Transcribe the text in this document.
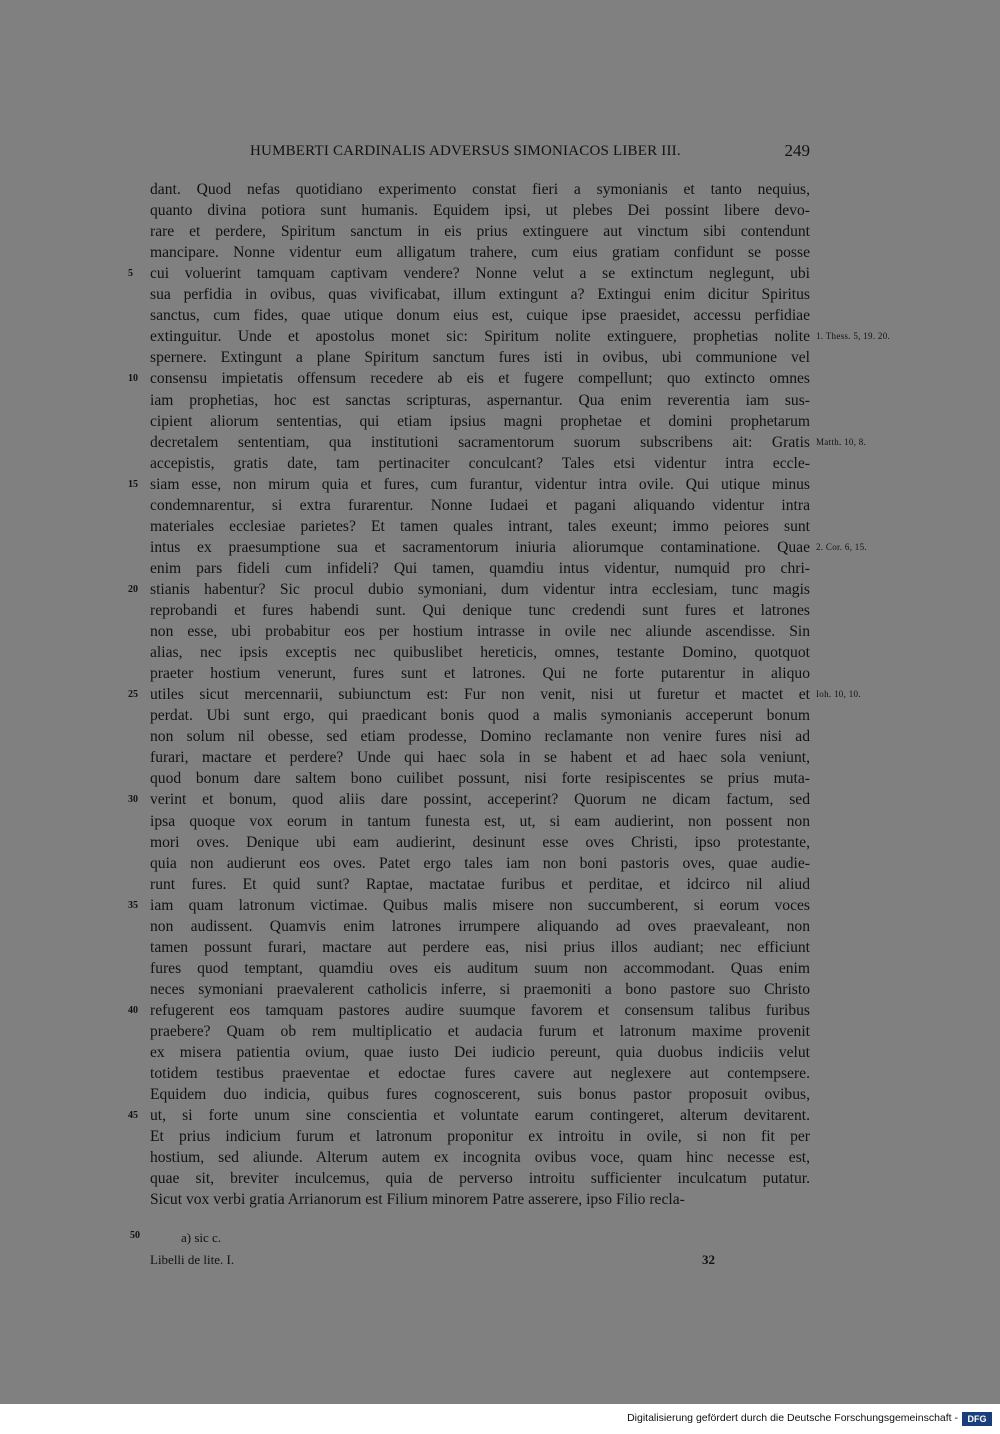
HUMBERTI CARDINALIS ADVERSUS SIMONIACOS LIBER III.	249
dant. Quod nefas quotidiano experimento constat fieri a symonianis et tanto nequius,
quanto divina potiora sunt humanis. Equidem ipsi, ut plebes Dei possint libere devo-
rare et perdere, Spiritum sanctum in eis prius extinguere aut vinctum sibi contendunt
mancipare. Nonne videntur eum alligatum trahere, cum eius gratiam confidunt se posse
cui voluerint tamquam captivam vendere? Nonne velut a se extinctum neglegunt, ubi
5
sua perfidia in ovibus, quas vivificabat, illum extingunt a? Extingui enim dicitur Spiritus
sanctus, cum fides, quae utique donum eius est, cuique ipse praesidet, accessu perfidiae
extinguitur. Unde et apostolus monet sic: Spiritum nolite extinguere, prophetias nolite 1. Thess. 5, 19. 20.
spernere. Extingunt a plane Spiritum sanctum fures isti in ovibus, ubi communione vel
consensu impietatis offensum recedere ab eis et fugere compellunt; quo extincto omnes
10
iam prophetias, hoc est sanctas scripturas, aspernantur. Qua enim reverentia iam sus-
cipient aliorum sententias, qui etiam ipsius magni prophetae et domini prophetarum
decretalem sententiam, qua institutioni sacramentorum suorum subscribens ait: Gratis Matth. 10, 8.
accepistis, gratis date, tam pertinaciter conculcant? Tales etsi videntur intra eccle-
siam esse, non mirum quia et fures, cum furantur, videntur intra ovile. Qui utique minus
15
condemnarentur, si extra furarentur. Nonne Iudaei et pagani aliquando videntur intra
materiales ecclesiae parietes? Et tamen quales intrant, tales exeunt; immo peiores sunt
intus ex praesumptione sua et sacramentorum iniuria aliorumque contaminatione. Quae 2. Cor. 6, 15.
enim pars fideli cum infideli? Qui tamen, quamdiu intus videntur, numquid pro chri-
stianis habentur? Sic procul dubio symoniani, dum videntur intra ecclesiam, tunc magis
20
reprobandi et fures habendi sunt. Qui denique tunc credendi sunt fures et latrones
non esse, ubi probabitur eos per hostium intrasse in ovile nec aliunde ascendisse. Sin
alias, nec ipsis exceptis nec quibuslibet hereticis, omnes, testante Domino, quotquot
praeter hostium venerunt, fures sunt et latrones. Qui ne forte putarentur in aliquo
utiles sicut mercennarii, subiunctum est: Fur non venit, nisi ut furetur et mactet et
25	Ioh. 10, 10.
perdat. Ubi sunt ergo, qui praedicant bonis quod a malis symonianis acceperunt bonum
non solum nil obesse, sed etiam prodesse, Domino reclamante non venire fures nisi ad
furari, mactare et perdere? Unde qui haec sola in se habent et ad haec sola veniunt,
quod bonum dare saltem bono cuilibet possunt, nisi forte resipiscentes se prius muta-
verint et bonum, quod aliis dare possint, acceperint? Quorum ne dicam factum, sed
30
ipsa quoque vox eorum in tantum funesta est, ut, si eam audierint, non possent non
mori oves. Denique ubi eam audierint, desinunt esse oves Christi, ipso protestante,
quia non audierunt eos oves. Patet ergo tales iam non boni pastoris oves, quae audie-
runt fures. Et quid sunt? Raptae, mactatae furibus et perditae, et idcirco nil aliud
iam quam latronum victimae. Quibus malis misere non succumberent, si eorum voces
35
non audissent. Quamvis enim latrones irrumpere aliquando ad oves praevaleant, non
tamen possunt furari, mactare aut perdere eas, nisi prius illos audiant; nec efficiunt
fures quod temptant, quamdiu oves eis auditum suum non accommodant. Quas enim
neces symoniani praevalerent catholicis inferre, si praemoniti a bono pastore suo Christo
refugerent eos tamquam pastores audire suumque favorem et consensum talibus furibus
40
praebere? Quam ob rem multiplicatio et audacia furum et latronum maxime provenit
ex misera patientia ovium, quae iusto Dei iudicio pereunt, quia duobus indiciis velut
totidem testibus praeventae et edoctae fures cavere aut neglexere aut contempsere.
Equidem duo indicia, quibus fures cognoscerent, suis bonus pastor proposuit ovibus,
ut, si forte unum sine conscientia et voluntate earum contingeret, alterum devitarent.
45
Et prius indicium furum et latronum proponitur ex introitu in ovile, si non fit per
hostium, sed aliunde. Alterum autem ex incognita ovibus voce, quam hinc necesse est,
quae sit, breviter inculcemus, quia de perverso introitu sufficienter inculcatum putatur.
Sicut vox verbi gratia Arrianorum est Filium minorem Patre asserere, ipso Filio recla-
50	a) sic c.
Libelli de lite. I.	32
Digitalisierung gefördert durch die Deutsche Forschungsgemeinschaft -	DFG
